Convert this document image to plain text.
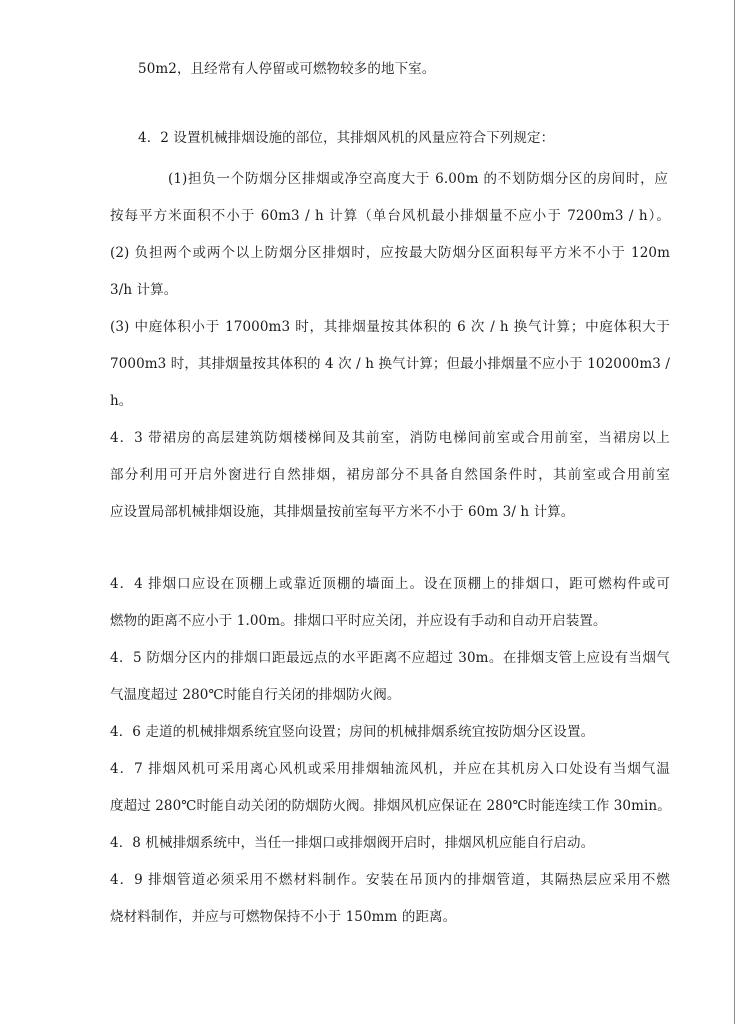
50m2，且经常有人停留或可燃物较多的地下室。
4．2 设置机械排烟设施的部位，其排烟风机的风量应符合下列规定：
(1)担负一个防烟分区排烟或净空高度大于 6.00m 的不划防烟分区的房间时，应
按每平方米面积不小于 60m3 / h 计算（单台风机最小排烟量不应小于 7200m3 / h）。
(2) 负担两个或两个以上防烟分区排烟时，应按最大防烟分区面积每平方米不小于 120m
3/h 计算。
(3) 中庭体积小于 17000m3 时，其排烟量按其体积的 6 次 / h 换气计算；中庭体积大于
7000m3 时，其排烟量按其体积的 4 次 / h 换气计算；但最小排烟量不应小于 102000m3 /
h。
4．3 带裙房的高层建筑防烟楼梯间及其前室，消防电梯间前室或合用前室，当裙房以上
部分利用可开启外窗进行自然排烟，裙房部分不具备自然国条件时，其前室或合用前室
应设置局部机械排烟设施，其排烟量按前室每平方米不小于 60m 3/ h 计算。
4．4 排烟口应设在顶棚上或靠近顶棚的墙面上。设在顶棚上的排烟口，距可燃构件或可
燃物的距离不应小于 1.00m。排烟口平时应关闭，并应设有手动和自动开启装置。
4．5 防烟分区内的排烟口距最远点的水平距离不应超过 30m。在排烟支管上应设有当烟气
气温度超过 280℃时能自行关闭的排烟防火阀。
4．6 走道的机械排烟系统宜竖向设置；房间的机械排烟系统宜按防烟分区设置。
4．7 排烟风机可采用离心风机或采用排烟轴流风机，并应在其机房入口处设有当烟气温
度超过 280℃时能自动关闭的防烟防火阀。排烟风机应保证在 280℃时能连续工作 30min。
4．8 机械排烟系统中，当任一排烟口或排烟阀开启时，排烟风机应能自行启动。
4．9 排烟管道必须采用不燃材料制作。安装在吊顶内的排烟管道，其隔热层应采用不燃
烧材料制作，并应与可燃物保持不小于 150mm 的距离。
